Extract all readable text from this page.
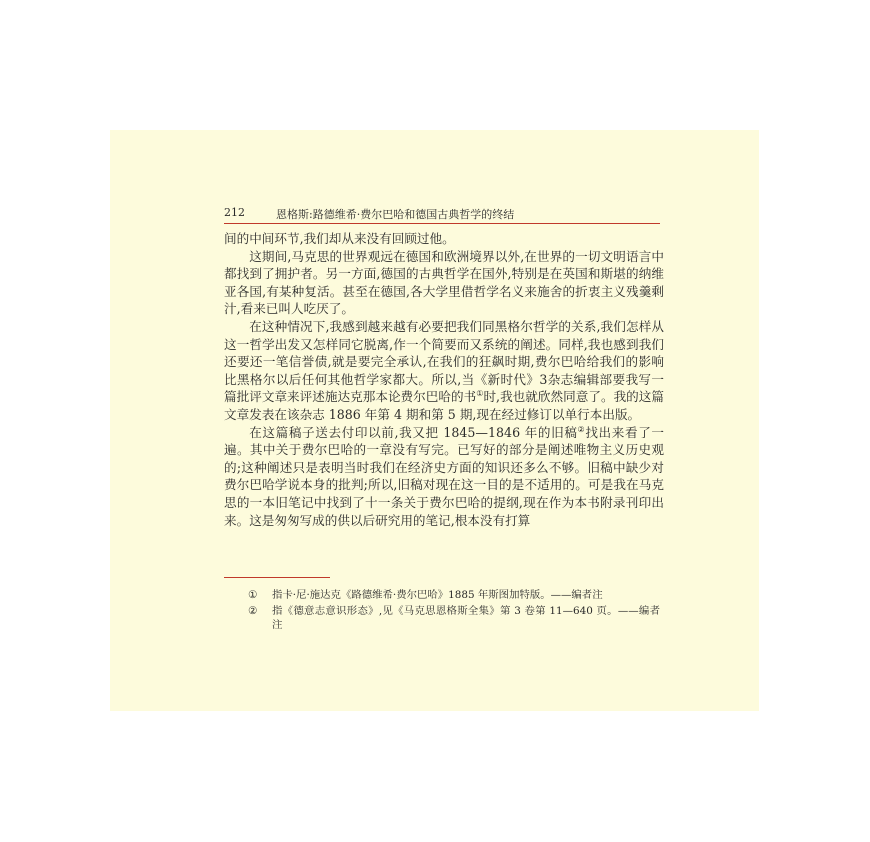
212	恩格斯:路德维希·费尔巴哈和德国古典哲学的终结

间的中间环节,我们却从来没有回顾过他。

这期间,马克思的世界观远在德国和欧洲境界以外,在世界的一切文明语言中都找到了拥护者。另一方面,德国的古典哲学在国外,特别是在英国和斯堪的纳维亚各国,有某种复活。甚至在德国,各大学里借哲学名义来施舍的折衷主义残羹剩汁,看来已叫人吃厌了。

在这种情况下,我感到越来越有必要把我们同黑格尔哲学的关系,我们怎样从这一哲学出发又怎样同它脱离,作一个简要而又系统的阐述。同样,我也感到我们还要还一笔信誉债,就是要完全承认,在我们的狂飙时期,费尔巴哈给我们的影响比黑格尔以后任何其他哲学家都大。所以,当《新时代》3杂志编辑部要我写一篇批评文章来评述施达克那本论费尔巴哈的书①时,我也就欣然同意了。我的这篇文章发表在该杂志 1886 年第 4 期和第 5 期,现在经过修订以单行本出版。

在这篇稿子送去付印以前,我又把 1845—1846 年的旧稿②找出来看了一遍。其中关于费尔巴哈的一章没有写完。已写好的部分是阐述唯物主义历史观的;这种阐述只是表明当时我们在经济史方面的知识还多么不够。旧稿中缺少对费尔巴哈学说本身的批判;所以,旧稿对现在这一目的是不适用的。可是我在马克思的一本旧笔记中找到了十一条关于费尔巴哈的提纲,现在作为本书附录刊印出来。这是匆匆写成的供以后研究用的笔记,根本没有打算

①	指卡·尼·施达克《路德维希·费尔巴哈》1885 年斯图加特版。——编者注
②	指《德意志意识形态》,见《马克思恩格斯全集》第 3 卷第 11—640 页。——编者注
